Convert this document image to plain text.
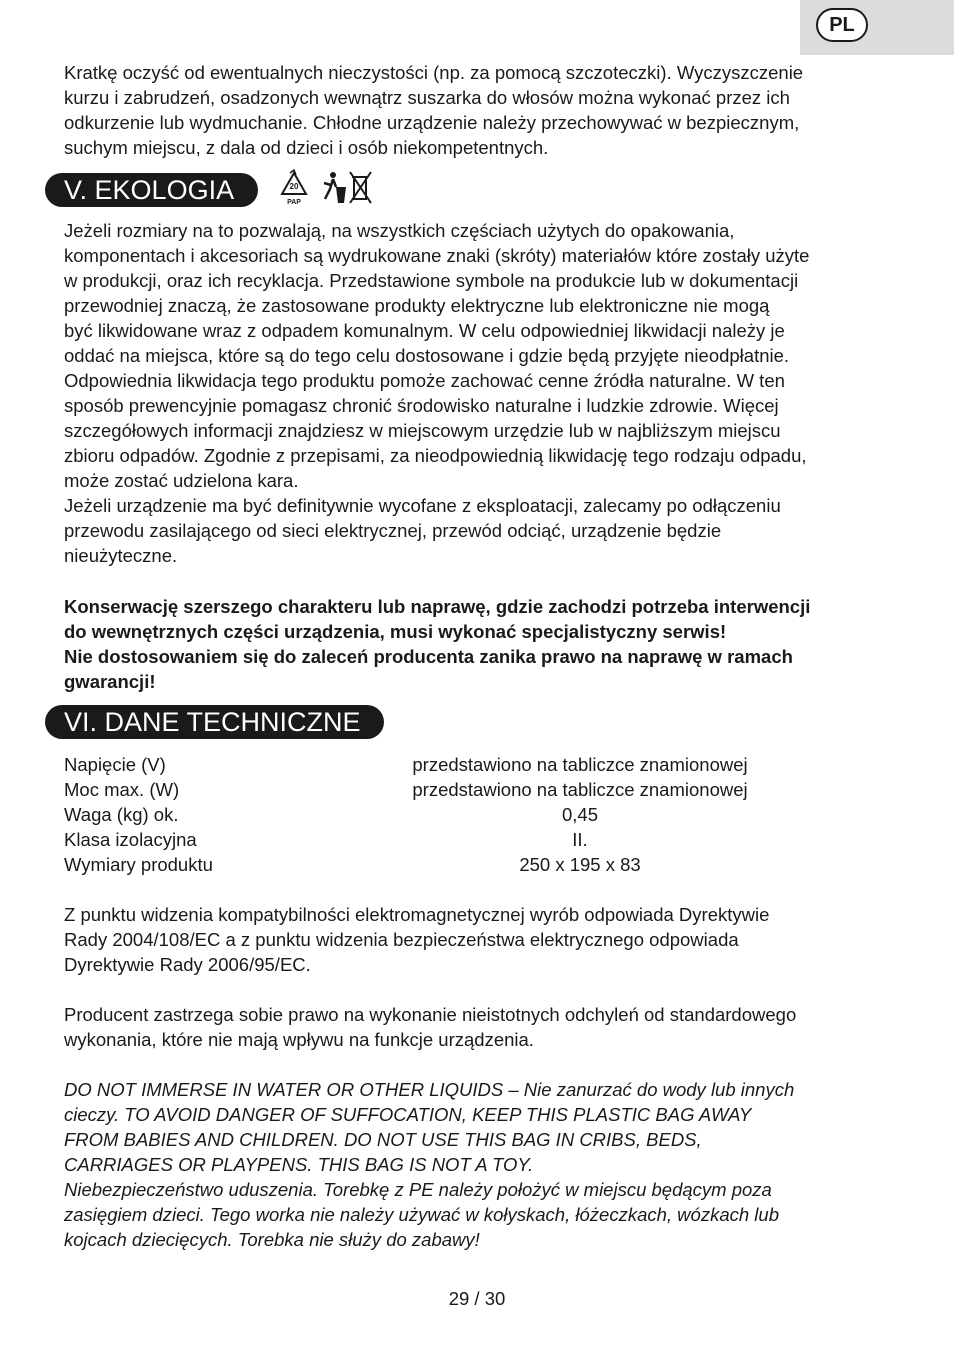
PL

Kratkę oczyść od ewentualnych nieczystości (np. za pomocą szczoteczki). Wyczyszczenie
kurzu i zabrudzeń, osadzonych wewnątrz suszarka do włosów można wykonać przez ich
odkurzenie lub wydmuchanie. Chłodne urządzenie należy przechowywać w bezpiecznym,
suchym miejscu, z dala od dzieci i osób niekompetentnych.

V. EKOLOGIA	20
PAP

Jeżeli rozmiary na to pozwalają, na wszystkich częściach użytych do opakowania,
komponentach i akcesoriach są wydrukowane znaki (skróty) materiałów które zostały użyte
w produkcji, oraz ich recyklacja. Przedstawione symbole na produkcie lub w dokumentacji
przewodniej znaczą, że zastosowane produkty elektryczne lub elektroniczne nie mogą
być likwidowane wraz z odpadem komunalnym. W celu odpowiedniej likwidacji należy je
oddać na miejsca, które są do tego celu dostosowane i gdzie będą przyjęte nieodpłatnie.
Odpowiednia likwidacja tego produktu pomoże zachować cenne źródła naturalne. W ten
sposób prewencyjnie pomagasz chronić środowisko naturalne i ludzkie zdrowie. Więcej
szczegółowych informacji znajdziesz w miejscowym urzędzie lub w najbliższym miejscu
zbioru odpadów. Zgodnie z przepisami, za nieodpowiednią likwidację tego rodzaju odpadu,
może zostać udzielona kara.
Jeżeli urządzenie ma być definitywnie wycofane z eksploatacji, zalecamy po odłączeniu
przewodu zasilającego od sieci elektrycznej, przewód odciąć, urządzenie będzie
nieużyteczne.

Konserwację szerszego charakteru lub naprawę, gdzie zachodzi potrzeba interwencji
do wewnętrznych części urządzenia, musi wykonać specjalistyczny serwis!
Nie dostosowaniem się do zaleceń producenta zanika prawo na naprawę w ramach
gwarancji!

VI. DANE TECHNICZNE
Napięcie (V)	przedstawiono na tabliczce znamionowej
Moc max. (W)	przedstawiono na tabliczce znamionowej
Waga (kg) ok.	0,45
Klasa izolacyjna	II.
Wymiary produktu	250 x 195 x 83

Z punktu widzenia kompatybilności elektromagnetycznej wyrób odpowiada Dyrektywie
Rady 2004/108/EC a z punktu widzenia bezpieczeństwa elektrycznego odpowiada
Dyrektywie Rady 2006/95/EC.

Producent zastrzega sobie prawo na wykonanie nieistotnych odchyleń od standardowego
wykonania, które nie mają wpływu na funkcje urządzenia.

DO NOT IMMERSE IN WATER OR OTHER LIQUIDS – Nie zanurzać do wody lub innych
cieczy. TO AVOID DANGER OF SUFFOCATION, KEEP THIS PLASTIC BAG AWAY
FROM BABIES AND CHILDREN. DO NOT USE THIS BAG IN CRIBS, BEDS,
CARRIAGES OR PLAYPENS. THIS BAG IS NOT A TOY.
Niebezpieczeństwo uduszenia. Torebkę z PE należy położyć w miejscu będącym poza
zasięgiem dzieci. Tego worka nie należy używać w kołyskach, łóżeczkach, wózkach lub
kojcach dziecięcych. Torebka nie służy do zabawy!

29 / 30
